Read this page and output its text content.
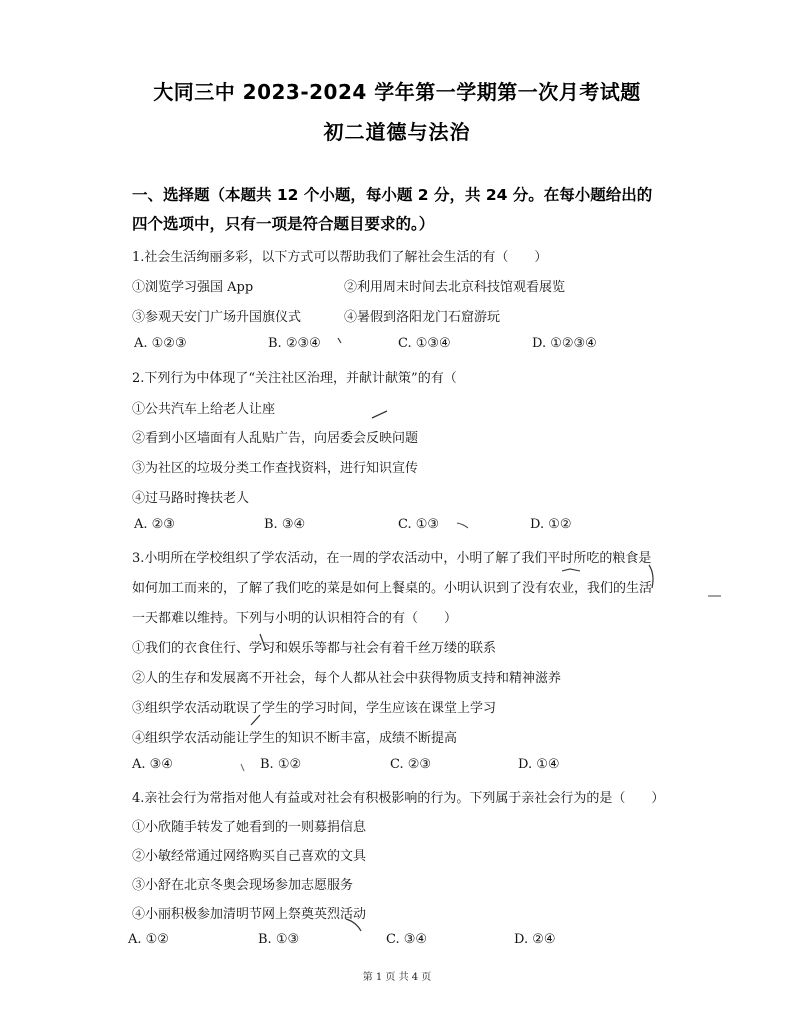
大同三中 2023-2024 学年第一学期第一次月考试题
初二道德与法治
一、选择题（本题共 12 个小题，每小题 2 分，共 24 分。在每小题给出的
四个选项中，只有一项是符合题目要求的。）
1.社会生活绚丽多彩，以下方式可以帮助我们了解社会生活的有（　　）
①浏览学习强国 App	②利用周末时间去北京科技馆观看展览
③参观天安门广场升国旗仪式	④暑假到洛阳龙门石窟游玩
A. ①②③	B. ②③④	C. ①③④	D. ①②③④
2.下列行为中体现了“关注社区治理，并献计献策”的有（
①公共汽车上给老人让座
②看到小区墙面有人乱贴广告，向居委会反映问题
③为社区的垃圾分类工作查找资料，进行知识宣传
④过马路时搀扶老人
A. ②③	B. ③④	C. ①③	D. ①②
3.小明所在学校组织了学农活动，在一周的学农活动中，小明了解了我们平时所吃的粮食是
如何加工而来的，了解了我们吃的菜是如何上餐桌的。小明认识到了没有农业，我们的生活
一天都难以维持。下列与小明的认识相符合的有（　　）
①我们的衣食住行、学习和娱乐等都与社会有着千丝万缕的联系
②人的生存和发展离不开社会，每个人都从社会中获得物质支持和精神滋养
③组织学农活动耽误了学生的学习时间，学生应该在课堂上学习
④组织学农活动能让学生的知识不断丰富，成绩不断提高
A. ③④	B. ①②	C. ②③	D. ①④
4.亲社会行为常指对他人有益或对社会有积极影响的行为。下列属于亲社会行为的是（　　）
①小欣随手转发了她看到的一则募捐信息
②小敏经常通过网络购买自己喜欢的文具
③小舒在北京冬奥会现场参加志愿服务
④小丽积极参加清明节网上祭奠英烈活动
A. ①②	B. ①③	C. ③④	D. ②④
第 1 页 共 4 页
